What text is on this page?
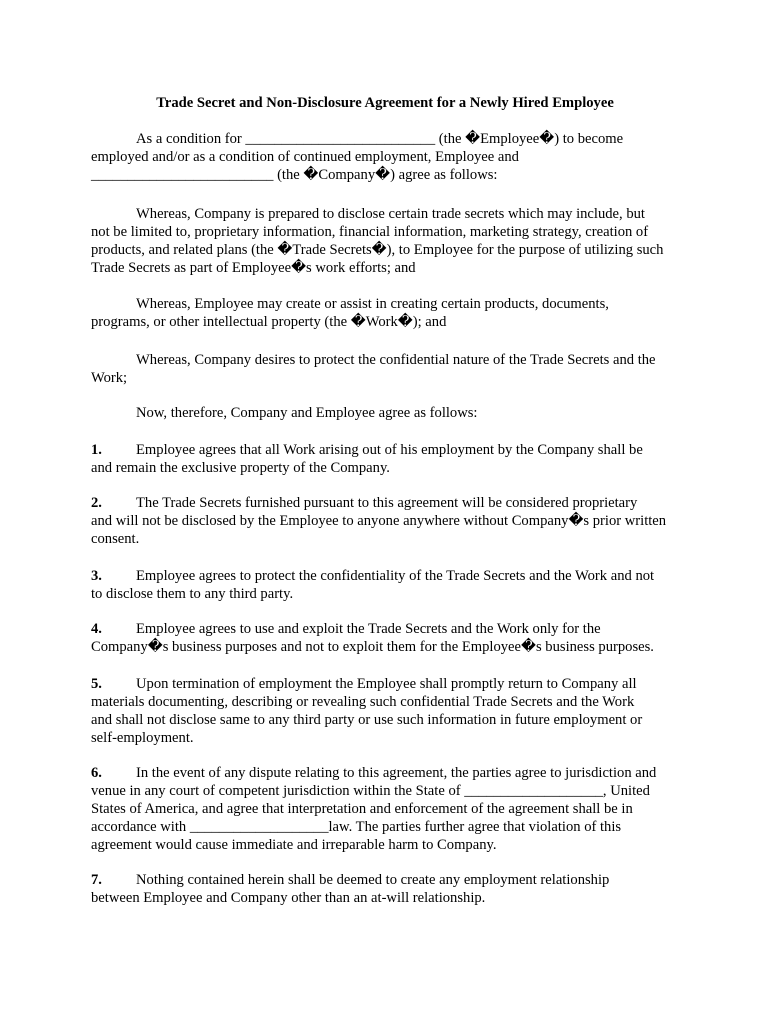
Trade Secret and Non-Disclosure Agreement for a Newly Hired Employee

As a condition for __________________________ (the �Employee�) to become
employed and/or as a condition of continued employment, Employee and
_________________________ (the �Company�) agree as follows:

Whereas, Company is prepared to disclose certain trade secrets which may include, but
not be limited to, proprietary information, financial information, marketing strategy, creation of
products, and related plans (the �Trade Secrets�), to Employee for the purpose of utilizing such
Trade Secrets as part of Employee�s work efforts; and

Whereas, Employee may create or assist in creating certain products, documents,
programs, or other intellectual property (the �Work�); and

Whereas, Company desires to protect the confidential nature of the Trade Secrets and the
Work;

Now, therefore, Company and Employee agree as follows:

1. Employee agrees that all Work arising out of his employment by the Company shall be
and remain the exclusive property of the Company.

2. The Trade Secrets furnished pursuant to this agreement will be considered proprietary
and will not be disclosed by the Employee to anyone anywhere without Company�s prior written
consent.

3. Employee agrees to protect the confidentiality of the Trade Secrets and the Work and not
to disclose them to any third party.

4. Employee agrees to use and exploit the Trade Secrets and the Work only for the
Company�s business purposes and not to exploit them for the Employee�s business purposes.

5. Upon termination of employment the Employee shall promptly return to Company all
materials documenting, describing or revealing such confidential Trade Secrets and the Work
and shall not disclose same to any third party or use such information in future employment or
self-employment.

6. In the event of any dispute relating to this agreement, the parties agree to jurisdiction and
venue in any court of competent jurisdiction within the State of ___________________, United
States of America, and agree that interpretation and enforcement of the agreement shall be in
accordance with ___________________law. The parties further agree that violation of this
agreement would cause immediate and irreparable harm to Company.

7. Nothing contained herein shall be deemed to create any employment relationship
between Employee and Company other than an at-will relationship.
